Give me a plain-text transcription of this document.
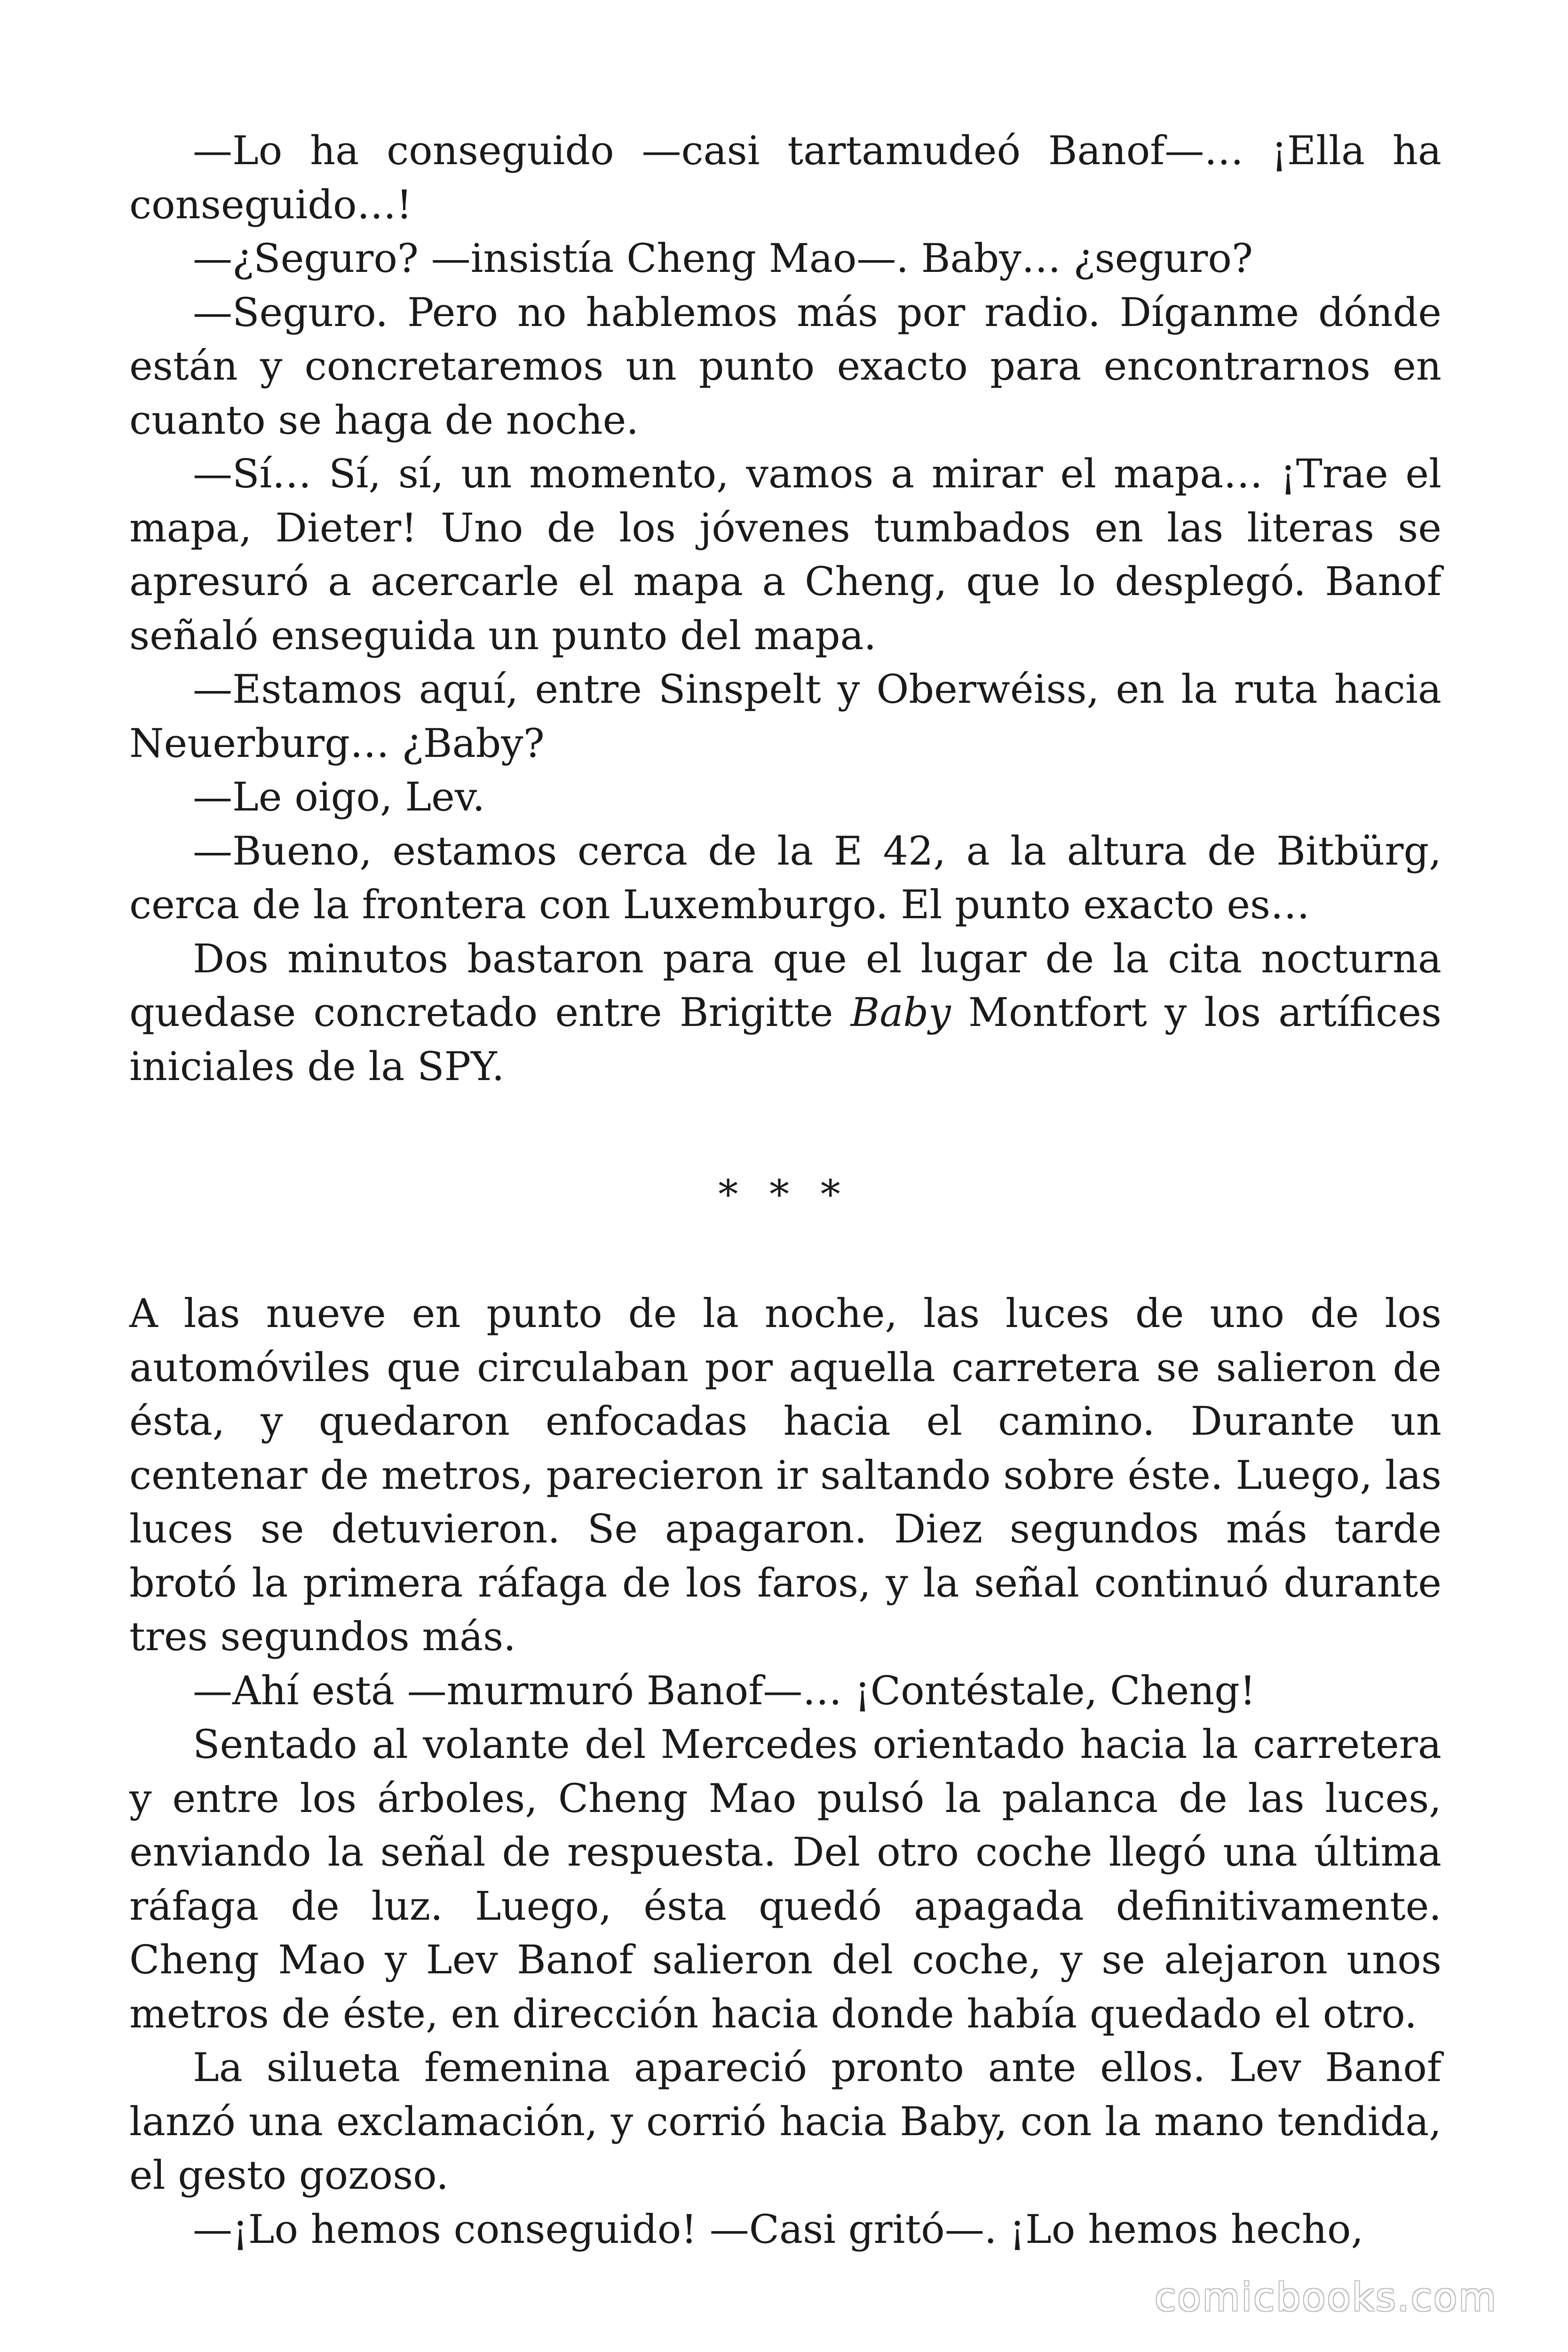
—Lo ha conseguido —casi tartamudeó Banof—… ¡Ella ha conseguido…!

—¿Seguro? —insistía Cheng Mao—. Baby… ¿seguro?

—Seguro. Pero no hablemos más por radio. Díganme dónde están y concretaremos un punto exacto para encontrarnos en cuanto se haga de noche.

—Sí… Sí, sí, un momento, vamos a mirar el mapa… ¡Trae el mapa, Dieter! Uno de los jóvenes tumbados en las literas se apresuró a acercarle el mapa a Cheng, que lo desplegó. Banof señaló enseguida un punto del mapa.

—Estamos aquí, entre Sinspelt y Oberwéiss, en la ruta hacia Neuerburg… ¿Baby?

—Le oigo, Lev.

—Bueno, estamos cerca de la E 42, a la altura de Bitbürg, cerca de la frontera con Luxemburgo. El punto exacto es…

Dos minutos bastaron para que el lugar de la cita nocturna quedase concretado entre Brigitte Baby Montfort y los artífices iniciales de la SPY.

* * *

A las nueve en punto de la noche, las luces de uno de los automóviles que circulaban por aquella carretera se salieron de ésta, y quedaron enfocadas hacia el camino. Durante un centenar de metros, parecieron ir saltando sobre éste. Luego, las luces se detuvieron. Se apagaron. Diez segundos más tarde brotó la primera ráfaga de los faros, y la señal continuó durante tres segundos más.

—Ahí está —murmuró Banof—… ¡Contéstale, Cheng!

Sentado al volante del Mercedes orientado hacia la carretera y entre los árboles, Cheng Mao pulsó la palanca de las luces, enviando la señal de respuesta. Del otro coche llegó una última ráfaga de luz. Luego, ésta quedó apagada definitivamente. Cheng Mao y Lev Banof salieron del coche, y se alejaron unos metros de éste, en dirección hacia donde había quedado el otro.

La silueta femenina apareció pronto ante ellos. Lev Banof lanzó una exclamación, y corrió hacia Baby, con la mano tendida, el gesto gozoso.

—¡Lo hemos conseguido! —Casi gritó—. ¡Lo hemos hecho,

comicbooks.com
